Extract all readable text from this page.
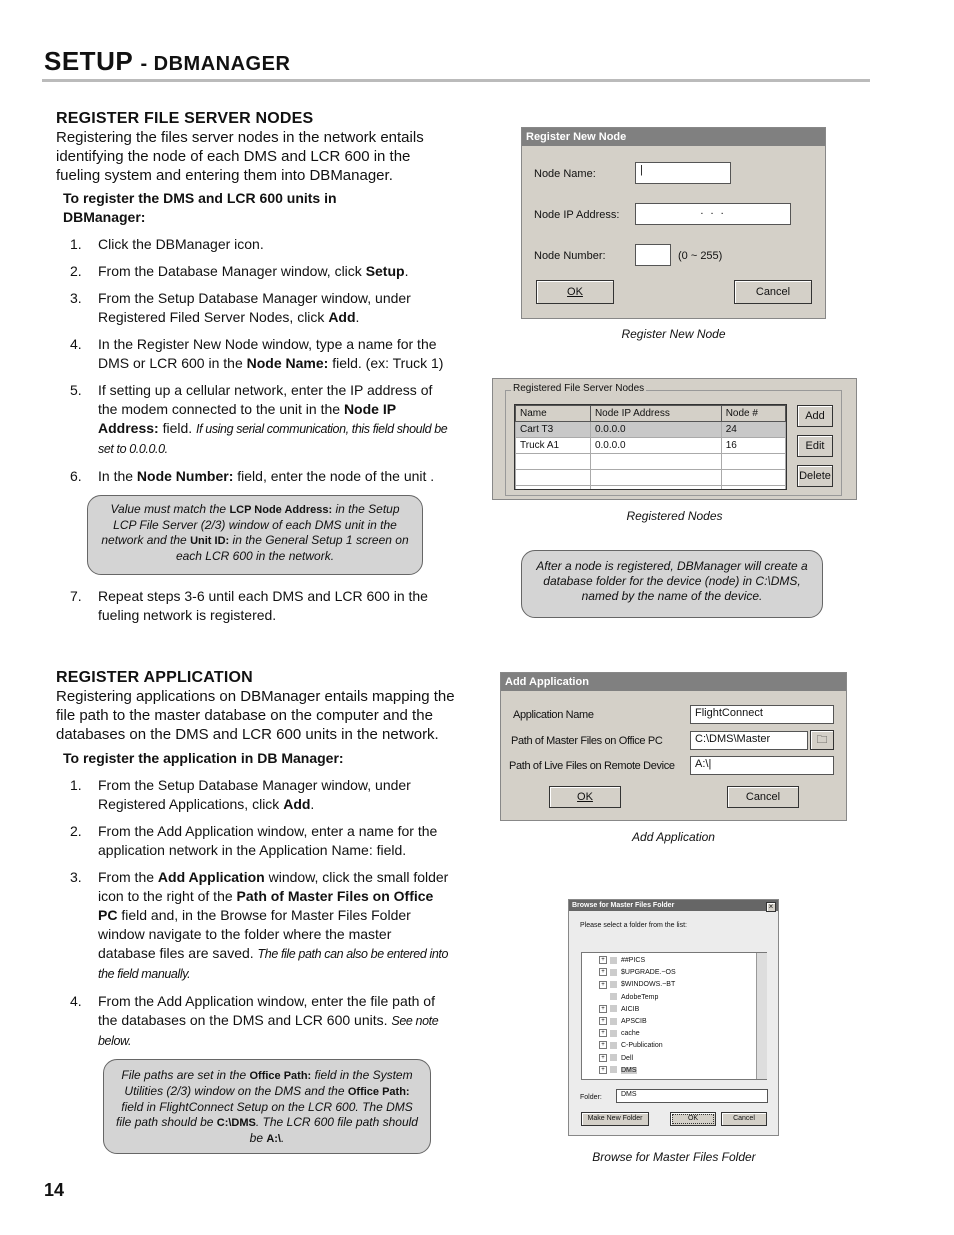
SETUP - DBMANAGER
REGISTER FILE SERVER NODES
Registering the files server nodes in the network entails identifying the node of each DMS and LCR 600 in the fueling system and entering them into DBManager.
To register the DMS and LCR 600 units in DBManager:
1. Click the DBManager icon.
2. From the Database Manager window, click Setup.
3. From the Setup Database Manager window, under Registered Filed Server Nodes, click Add.
4. In the Register New Node window, type a name for the DMS or LCR 600 in the Node Name: field. (ex: Truck 1)
5. If setting up a cellular network, enter the IP address of the modem connected to the unit in the Node IP Address: field. If using serial communication, this field should be set to 0.0.0.0.
6. In the Node Number: field, enter the node of the unit .
Value must match the LCP Node Address: in the Setup LCP File Server (2/3) window of each DMS unit in the network and the Unit ID: in the General Setup 1 screen on each LCR 600 in the network.
7. Repeat steps 3-6 until each DMS and LCR 600 in the fueling network is registered.
REGISTER APPLICATION
Registering applications on DBManager entails mapping the file path to the master database on the computer and the databases on the DMS and LCR 600 units in the network.
To register the application in DB Manager:
1. From the Setup Database Manager window, under Registered Applications, click Add.
2. From the Add Application window, enter a name for the application network in the Application Name: field.
3. From the Add Application window, click the small folder icon to the right of the Path of Master Files on Office PC field and, in the Browse for Master Files Folder window navigate to the folder where the master database files are saved. The file path can also be entered into the field manually.
4. From the Add Application window, enter the file path of the databases on the DMS and LCR 600 units. See note below.
File paths are set in the Office Path: field in the System Utilities (2/3) window on the DMS and the Office Path: field in FlightConnect Setup on the LCR 600. The DMS file path should be C:\DMS. The LCR 600 file path should be A:\.
Register New Node
Node Name:	|
Node IP Address:	. . .
Node Number:	(0 ~ 255)
OK	Cancel
Register New Node
Registered File Server Nodes
Name	Node IP Address	Node #
Cart T3	0.0.0.0	24
Truck A1	0.0.0.0	16

Add
Edit
Delete
Registered Nodes
After a node is registered, DBManager will create a database folder for the device (node) in C:\DMS, named by the name of the device.
Add Application
Application Name	FlightConnect
Path of Master Files on Office PC	C:\DMS\Master	🗀
Path of Live Files on Remote Device	A:\|
OK	Cancel
Add Application
Browse for Master Files Folder	×
Please select a folder from the list:
+ ##PICS
+ $UPGRADE.~OS
+ $WINDOWS.~BT
AdobeTemp
+ AICIB
+ APSCIB
+ cache
+ C-Publication
+ Dell
+ DMS
Folder:	DMS
Make New Folder	OK	Cancel
Browse for Master Files Folder
14
